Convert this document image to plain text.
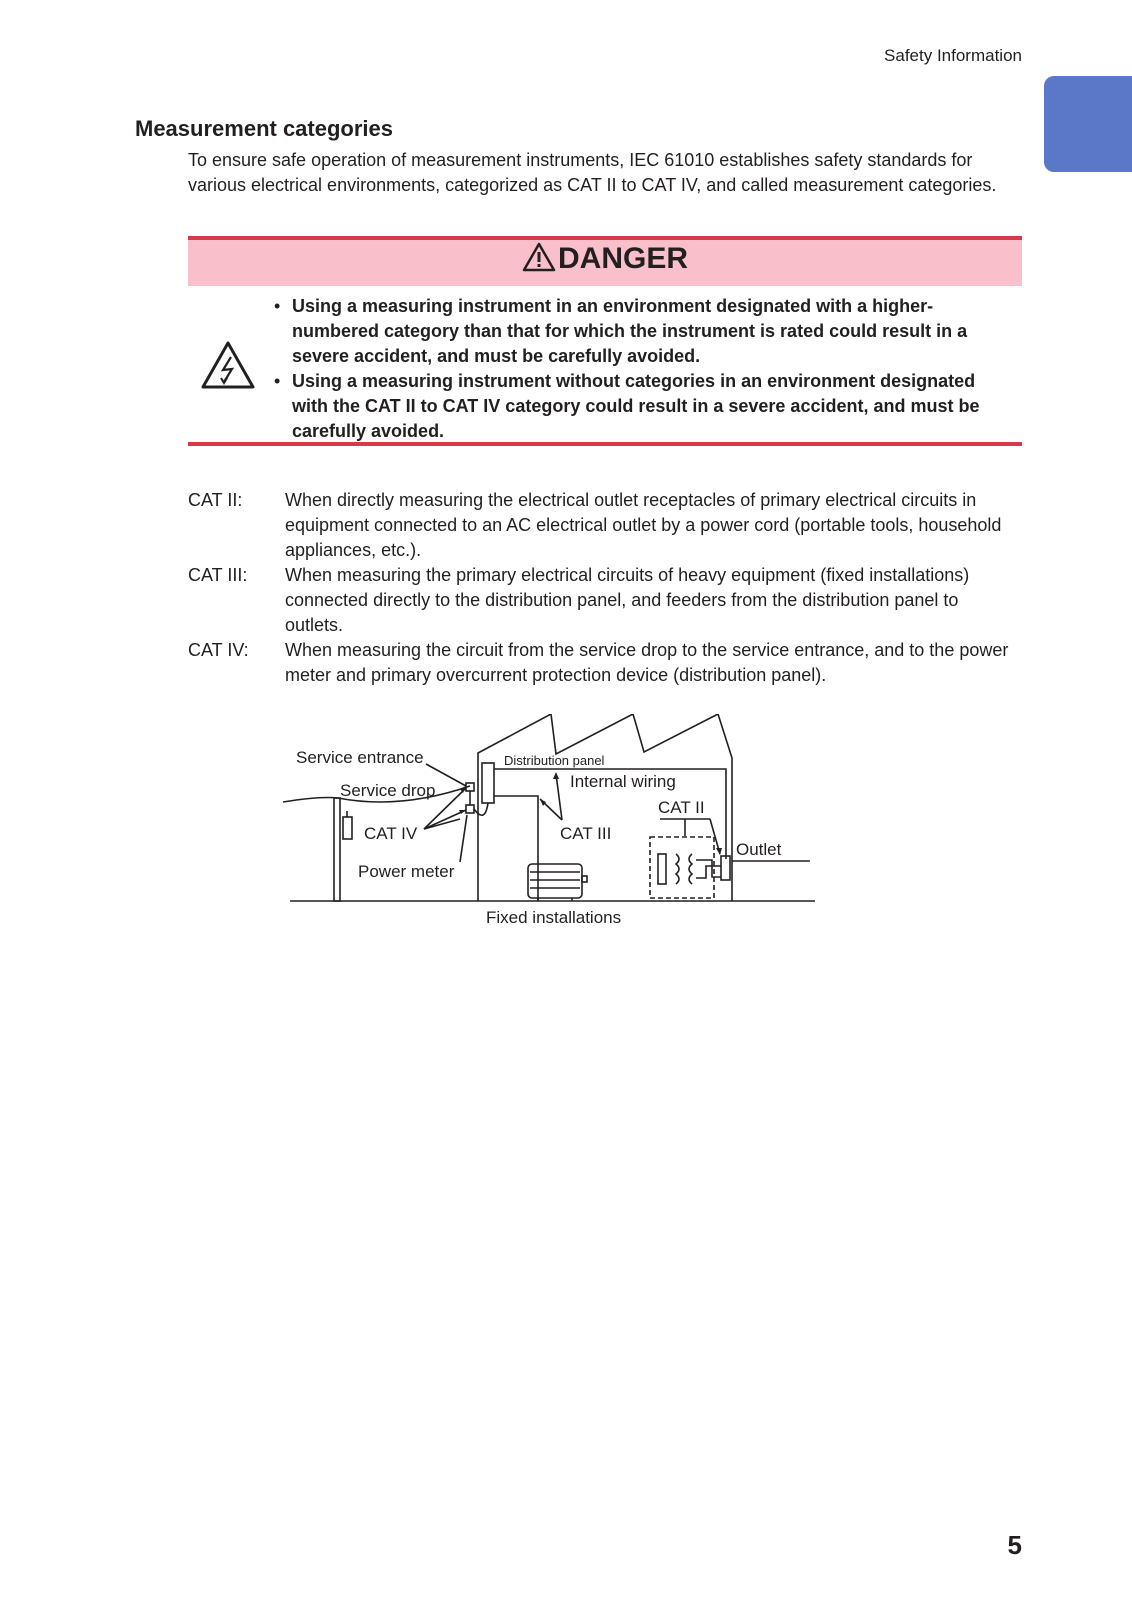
Safety Information
Measurement categories

To ensure safe operation of measurement instruments, IEC 61010 establishes safety standards for various electrical environments, categorized as CAT II to CAT IV, and called measurement categories.

DANGER
• Using a measuring instrument in an environment designated with a higher-numbered category than that for which the instrument is rated could result in a severe accident, and must be carefully avoided.
• Using a measuring instrument without categories in an environment designated with the CAT II to CAT IV category could result in a severe accident, and must be carefully avoided.
CAT II:	When directly measuring the electrical outlet receptacles of primary electrical circuits in equipment connected to an AC electrical outlet by a power cord (portable tools, household appliances, etc.).
CAT III:	When measuring the primary electrical circuits of heavy equipment (fixed installations) connected directly to the distribution panel, and feeders from the distribution panel to outlets.
CAT IV:	When measuring the circuit from the service drop to the service entrance, and to the power meter and primary overcurrent protection device (distribution panel).
Service entrance
Service drop
CAT IV
Power meter
Distribution panel
Internal wiring
CAT III
CAT II
Outlet
Fixed installations
5
